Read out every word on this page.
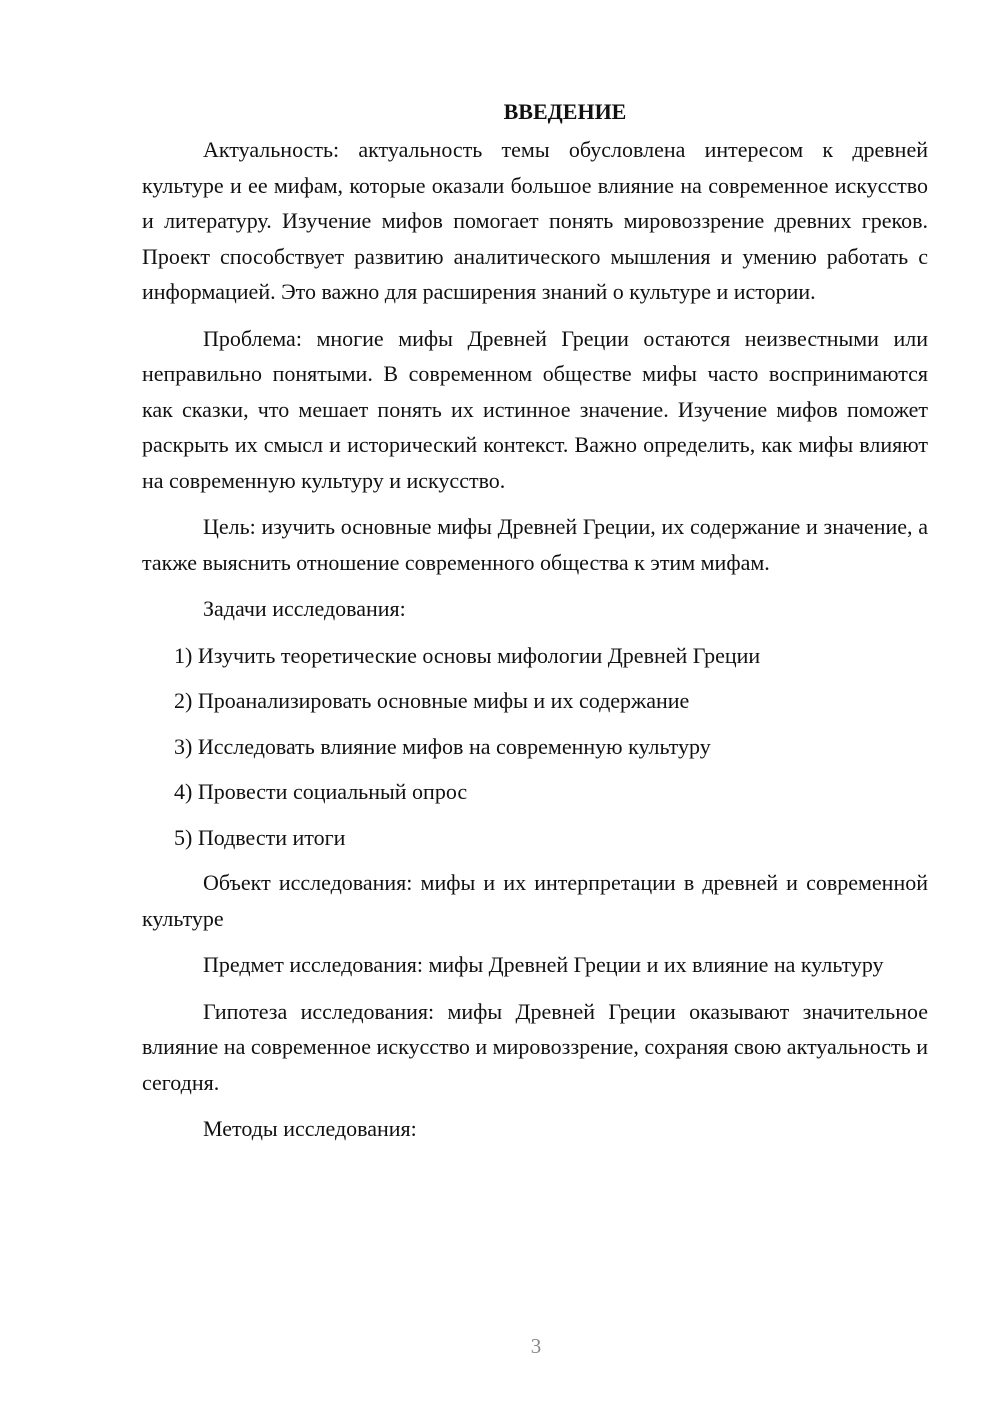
ВВЕДЕНИЕ

Актуальность: актуальность темы обусловлена интересом к древней культуре и ее мифам, которые оказали большое влияние на современное искусство и литературу. Изучение мифов помогает понять мировоззрение древних греков. Проект способствует развитию аналитического мышления и умению работать с информацией. Это важно для расширения знаний о культуре и истории.

Проблема: многие мифы Древней Греции остаются неизвестными или неправильно понятыми. В современном обществе мифы часто воспринимаются как сказки, что мешает понять их истинное значение. Изучение мифов поможет раскрыть их смысл и исторический контекст. Важно определить, как мифы влияют на современную культуру и искусство.

Цель: изучить основные мифы Древней Греции, их содержание и значение, а также выяснить отношение современного общества к этим мифам.

Задачи исследования:

1) Изучить теоретические основы мифологии Древней Греции
2) Проанализировать основные мифы и их содержание
3) Исследовать влияние мифов на современную культуру
4) Провести социальный опрос
5) Подвести итоги

Объект исследования: мифы и их интерпретации в древней и современной культуре

Предмет исследования: мифы Древней Греции и их влияние на культуру

Гипотеза исследования: мифы Древней Греции оказывают значительное влияние на современное искусство и мировоззрение, сохраняя свою актуальность и сегодня.

Методы исследования:

3
